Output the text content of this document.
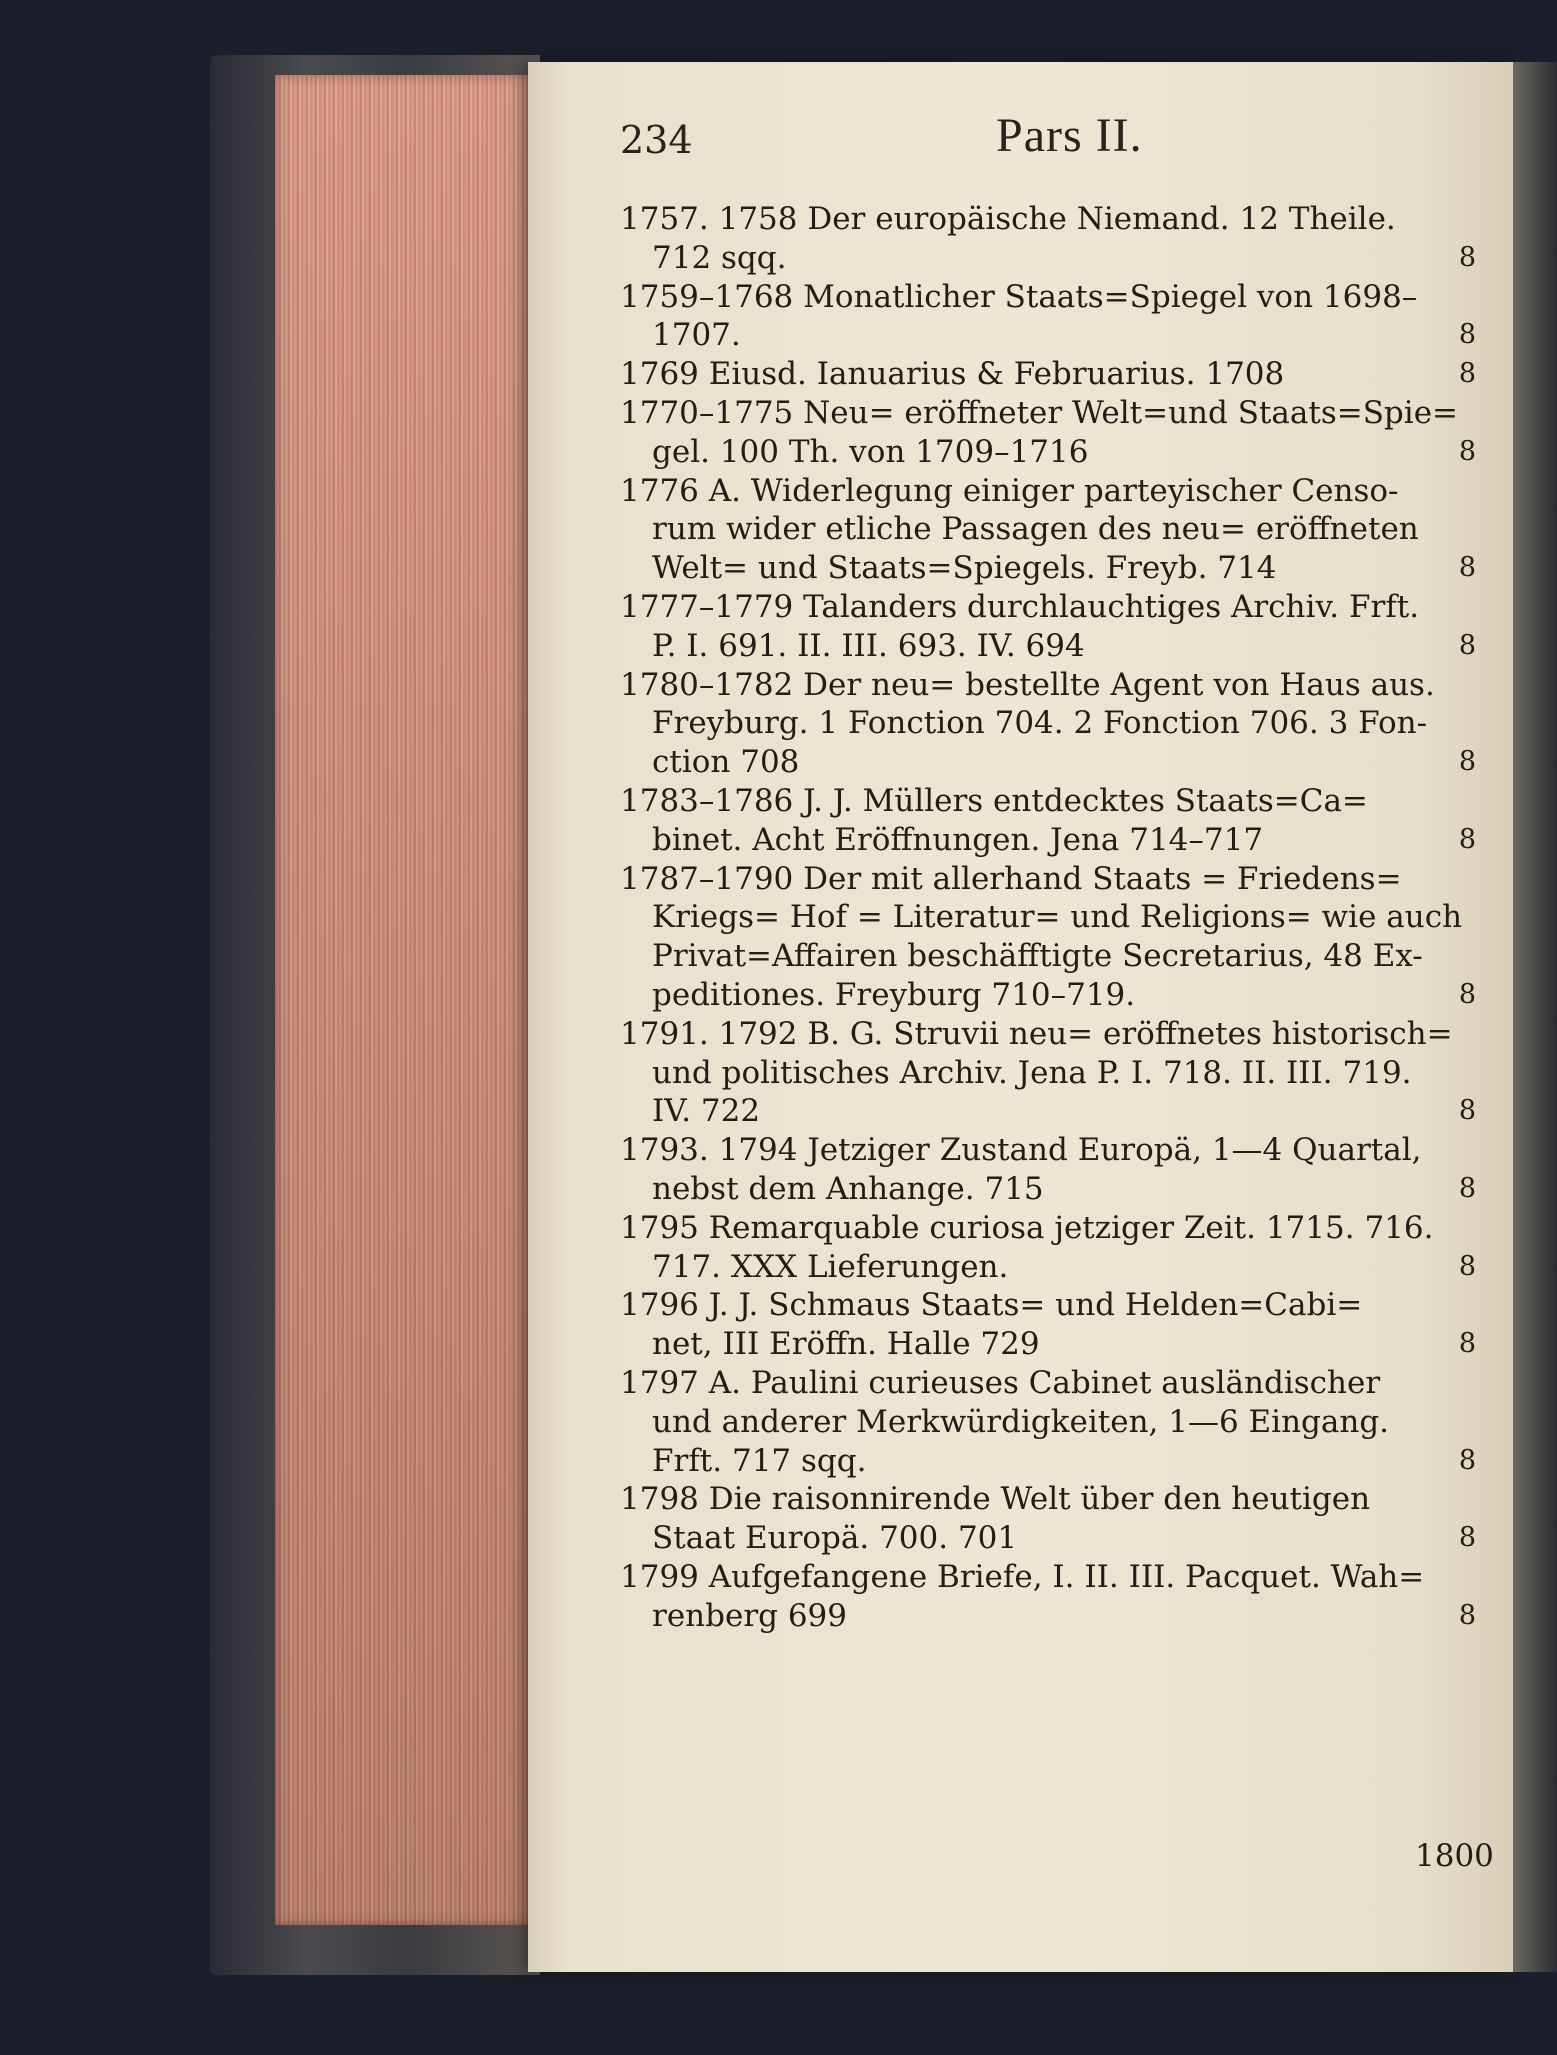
234	Pars II.
1757. 1758 Der europäische Niemand. 12 Theile.
712 sqq.	8
1759–1768 Monatlicher Staats=Spiegel von 1698–
1707.	8
1769 Eiusd. Ianuarius & Februarius. 1708	8
1770–1775 Neu= eröffneter Welt=und Staats=Spie=
gel. 100 Th. von 1709–1716	8
1776 A. Widerlegung einiger parteyischer Censo-
rum wider etliche Passagen des neu= eröffneten
Welt= und Staats=Spiegels. Freyb. 714	8
1777–1779 Talanders durchlauchtiges Archiv. Frft.
P. I. 691. II. III. 693. IV. 694	8
1780–1782 Der neu= bestellte Agent von Haus aus.
Freyburg. 1 Fonction 704. 2 Fonction 706. 3 Fon-
ction 708	8
1783–1786 J. J. Müllers entdecktes Staats=Ca=
binet. Acht Eröffnungen. Jena 714–717	8
1787–1790 Der mit allerhand Staats = Friedens=
Kriegs= Hof = Literatur= und Religions= wie auch
Privat=Affairen beschäfftigte Secretarius, 48 Ex-
peditiones. Freyburg 710–719.	8
1791. 1792 B. G. Struvii neu= eröffnetes historisch=
und politisches Archiv. Jena P. I. 718. II. III. 719.
IV. 722	8
1793. 1794 Jetziger Zustand Europä, 1—4 Quartal,
nebst dem Anhange. 715	8
1795 Remarquable curiosa jetziger Zeit. 1715. 716.
717. XXX Lieferungen.	8
1796 J. J. Schmaus Staats= und Helden=Cabi=
net, III Eröffn. Halle 729	8
1797 A. Paulini curieuses Cabinet ausländischer
und anderer Merkwürdigkeiten, 1—6 Eingang.
Frft. 717 sqq.	8
1798 Die raisonnirende Welt über den heutigen
Staat Europä. 700. 701	8
1799 Aufgefangene Briefe, I. II. III. Pacquet. Wah=
renberg 699	8
1800
